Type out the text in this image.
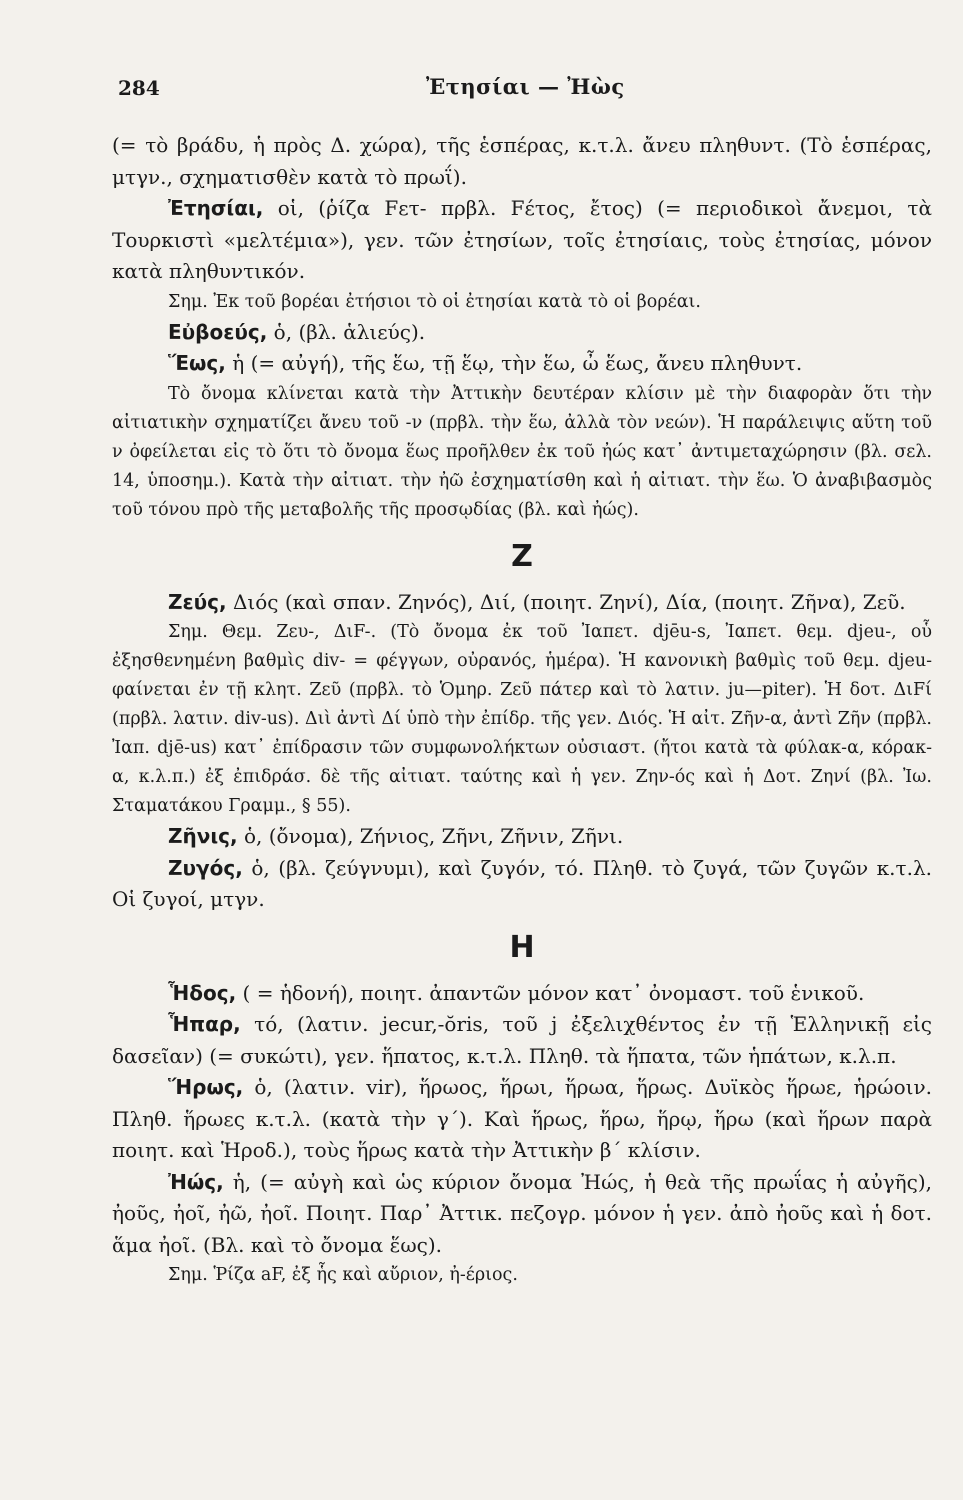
284	Ἐτησίαι — Ἠὼς

(= τὸ βράδυ, ἡ πρὸς Δ. χώρα), τῆς ἑσπέρας, κ.τ.λ. ἄνευ πληθυντ. (Τὸ ἑσπέρας, μτγν., σχηματισθὲν κατὰ τὸ πρωΐ).

Ἐτησίαι, οἱ, (ῥίζα Fετ- πρβλ. Fέτος, ἔτος) (= περιοδικοὶ ἄνεμοι, τὰ Τουρκιστὶ «μελτέμια»), γεν. τῶν ἐτησίων, τοῖς ἐτησίαις, τοὺς ἐτησίας, μόνον κατὰ πληθυντικόν.

Σημ. Ἐκ τοῦ βορέαι ἐτήσιοι τὸ οἱ ἐτησίαι κατὰ τὸ οἱ βορέαι.

Εὐβοεύς, ὁ, (βλ. ἁλιεύς).

Ἕως, ἡ (= αὐγή), τῆς ἕω, τῇ ἕῳ, τὴν ἕω, ὦ ἕως, ἄνευ πληθυντ.

Τὸ ὄνομα κλίνεται κατὰ τὴν Ἀττικὴν δευτέραν κλίσιν μὲ τὴν διαφορὰν ὅτι τὴν αἰτιατικὴν σχηματίζει ἄνευ τοῦ -ν (πρβλ. τὴν ἕω, ἀλλὰ τὸν νεών). Ἡ παράλειψις αὕτη τοῦ ν ὀφείλεται εἰς τὸ ὅτι τὸ ὄνομα ἕως προῆλθεν ἐκ τοῦ ἠώς κατ᾽ ἀντιμεταχώρησιν (βλ. σελ. 14, ὑποσημ.). Κατὰ τὴν αἰτιατ. τὴν ἠῶ ἐσχηματίσθη καὶ ἡ αἰτιατ. τὴν ἕω. Ὁ ἀναβιβασμὸς τοῦ τόνου πρὸ τῆς μεταβολῆς τῆς προσῳδίας (βλ. καὶ ἠώς).

Ζ

Ζεύς, Διός (καὶ σπαν. Ζηνός), Διί, (ποιητ. Ζηνί), Δία, (ποιητ. Ζῆνα), Ζεῦ.

Σημ. Θεμ. Ζευ-, ΔιF-. (Τὸ ὄνομα ἐκ τοῦ Ἰαπετ. djēu-s, Ἰαπετ. θεμ. djeu-, οὗ ἐξησθενημένη βαθμὶς div- = φέγγων, οὐρανός, ἡμέρα). Ἡ κανονικὴ βαθμὶς τοῦ θεμ. djeu- φαίνεται ἐν τῇ κλητ. Ζεῦ (πρβλ. τὸ Ὁμηρ. Ζεῦ πάτερ καὶ τὸ λατιν. ju—piter). Ἡ δοτ. ΔιFί (πρβλ. λατιν. div-us). Διὶ ἀντὶ Δί ὑπὸ τὴν ἐπίδρ. τῆς γεν. Διός. Ἡ αἰτ. Ζῆν-α, ἀντὶ Ζῆν (πρβλ. Ἰαπ. djē-us) κατ᾽ ἐπίδρασιν τῶν συμφωνολήκτων οὐσιαστ. (ἤτοι κατὰ τὰ φύλακ-α, κόρακ-α, κ.λ.π.) ἐξ ἐπιδράσ. δὲ τῆς αἰτιατ. ταύτης καὶ ἡ γεν. Ζην-ός καὶ ἡ Δοτ. Ζηνί (βλ. Ἰω. Σταματάκου Γραμμ., § 55).

Ζῆνις, ὁ, (ὄνομα), Ζήνιος, Ζῆνι, Ζῆνιν, Ζῆνι.

Ζυγός, ὁ, (βλ. ζεύγνυμι), καὶ ζυγόν, τό. Πληθ. τὸ ζυγά, τῶν ζυγῶν κ.τ.λ. Οἱ ζυγοί, μτγν.

Η

Ἧδος, ( = ἡδονή), ποιητ. ἀπαντῶν μόνον κατ᾽ ὀνομαστ. τοῦ ἑνικοῦ.

Ἧπαρ, τό, (λατιν. jecur,-ŏris, τοῦ j ἐξελιχθέντος ἐν τῇ Ἑλληνικῇ εἰς δασεῖαν) (= συκώτι), γεν. ἥπατος, κ.τ.λ. Πληθ. τὰ ἥπατα, τῶν ἡπάτων, κ.λ.π.

Ἥρως, ὁ, (λατιν. vir), ἥρωος, ἥρωι, ἥρωα, ἥρως. Δυϊκὸς ἥρωε, ἡρώοιν. Πληθ. ἥρωες κ.τ.λ. (κατὰ τὴν γ΄). Καὶ ἥρως, ἥρω, ἥρῳ, ἥρω (καὶ ἥρων παρὰ ποιητ. καὶ Ἡροδ.), τοὺς ἥρως κατὰ τὴν Ἀττικὴν β΄ κλίσιν.

Ἠώς, ἡ, (= αὐγὴ καὶ ὡς κύριον ὄνομα Ἠώς, ἡ θεὰ τῆς πρωΐας ἡ αὐγῆς), ἠοῦς, ἠοῖ, ἠῶ, ἠοῖ. Ποιητ. Παρ᾽ Ἀττικ. πεζογρ. μόνον ἡ γεν. ἀπὸ ἠοῦς καὶ ἡ δοτ. ἅμα ἠοῖ. (Βλ. καὶ τὸ ὄνομα ἕως).

Σημ. Ῥίζα aF, ἐξ ἧς καὶ αὔριον, ἠ-έριος.
